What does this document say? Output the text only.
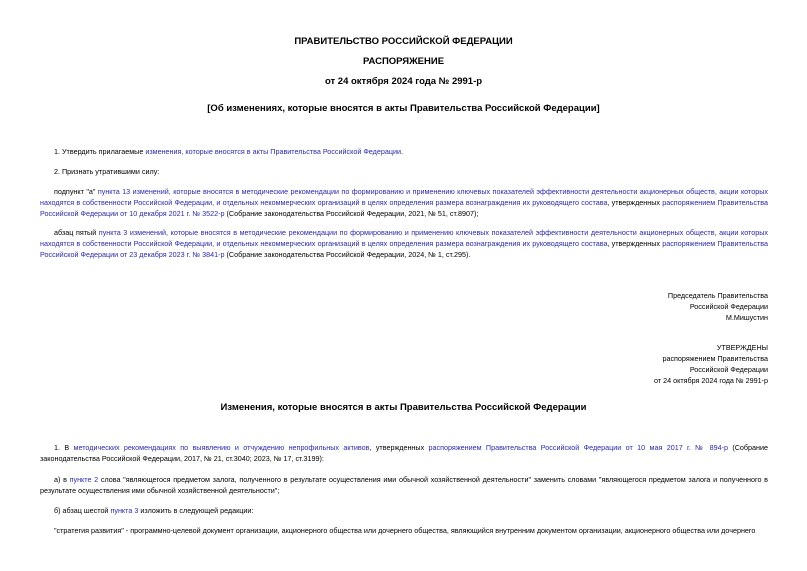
ПРАВИТЕЛЬСТВО РОССИЙСКОЙ ФЕДЕРАЦИИ
РАСПОРЯЖЕНИЕ
от 24 октября 2024 года № 2991-р
[Об изменениях, которые вносятся в акты Правительства Российской Федерации]
1. Утвердить прилагаемые изменения, которые вносятся в акты Правительства Российской Федерации.
2. Признать утратившими силу:
подпункт "а" пункта 13 изменений, которые вносятся в методические рекомендации по формированию и применению ключевых показателей эффективности деятельности акционерных обществ, акции которых находятся в собственности Российской Федерации, и отдельных некоммерческих организаций в целях определения размера вознаграждения их руководящего состава, утвержденных распоряжением Правительства Российской Федерации от 10 декабря 2021 г. № 3522-р (Собрание законодательства Российской Федерации, 2021, № 51, ст.8907);
абзац пятый пункта 3 изменений, которые вносятся в методические рекомендации по формированию и применению ключевых показателей эффективности деятельности акционерных обществ, акции которых находятся в собственности Российской Федерации, и отдельных некоммерческих организаций в целях определения размера вознаграждения их руководящего состава, утвержденных распоряжением Правительства Российской Федерации от 23 декабря 2023 г. № 3841-р (Собрание законодательства Российской Федерации, 2024, № 1, ст.295).
Председатель Правительства
Российской Федерации
М.Мишустин
УТВЕРЖДЕНЫ
распоряжением Правительства
Российской Федерации
от 24 октября 2024 года № 2991-р
Изменения, которые вносятся в акты Правительства Российской Федерации
1. В методических рекомендациях по выявлению и отчуждению непрофильных активов, утвержденных распоряжением Правительства Российской Федерации от 10 мая 2017 г. № 894-р (Собрание законодательства Российской Федерации, 2017, № 21, ст.3040; 2023, № 17, ст.3199):
а) в пункте 2 слова "являющегося предметом залога, полученного в результате осуществления ими обычной хозяйственной деятельности" заменить словами "являющегося предметом залога и полученного в результате осуществления ими обычной хозяйственной деятельности";
б) абзац шестой пункта 3 изложить в следующей редакции:
"стратегия развития" - программно-целевой документ организации, акционерного общества или дочернего общества, являющийся внутренним документом организации, акционерного общества или дочернего
